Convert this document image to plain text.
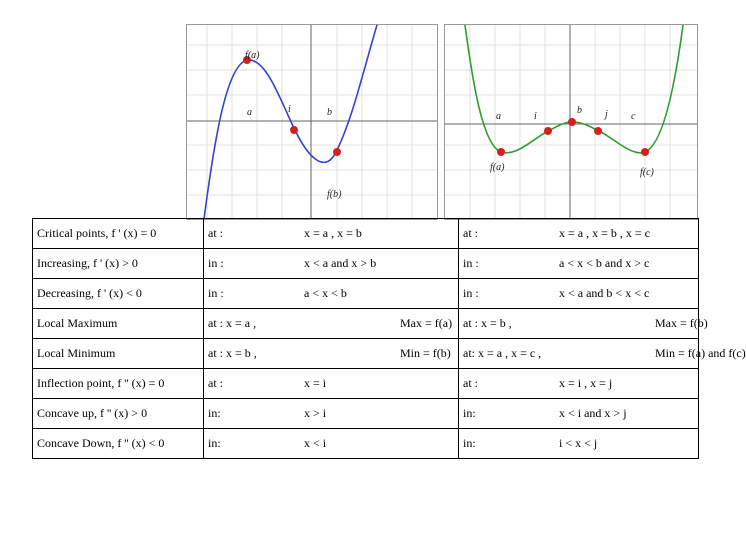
f(a)
a	i	b
f(b)
a	i
b j c
f(a)	f(c)
Critical points, f ' (x) = 0	at : x = a , x = b	at : x = a , x = b , x = c

Increasing, f ' (x) > 0	in : x < a and x > b	in : a < x < b and x > c

Decreasing, f ' (x) < 0	in : a < x < b	in : x < a and b < x < c

Local Maximum	at : x = a , Max = f(a)	at : x = b , Max = f(b)

Local Minimum	at : x = b , Min = f(b)	at: x = a , x = c , Min = f(a) and f(c)

Inflection point, f '' (x) = 0	at : x = i	at : x = i , x = j

Concave up, f '' (x) > 0	in: x > i	in: x < i and x > j

Concave Down, f '' (x) < 0	in: x < i	in: i < x < j
